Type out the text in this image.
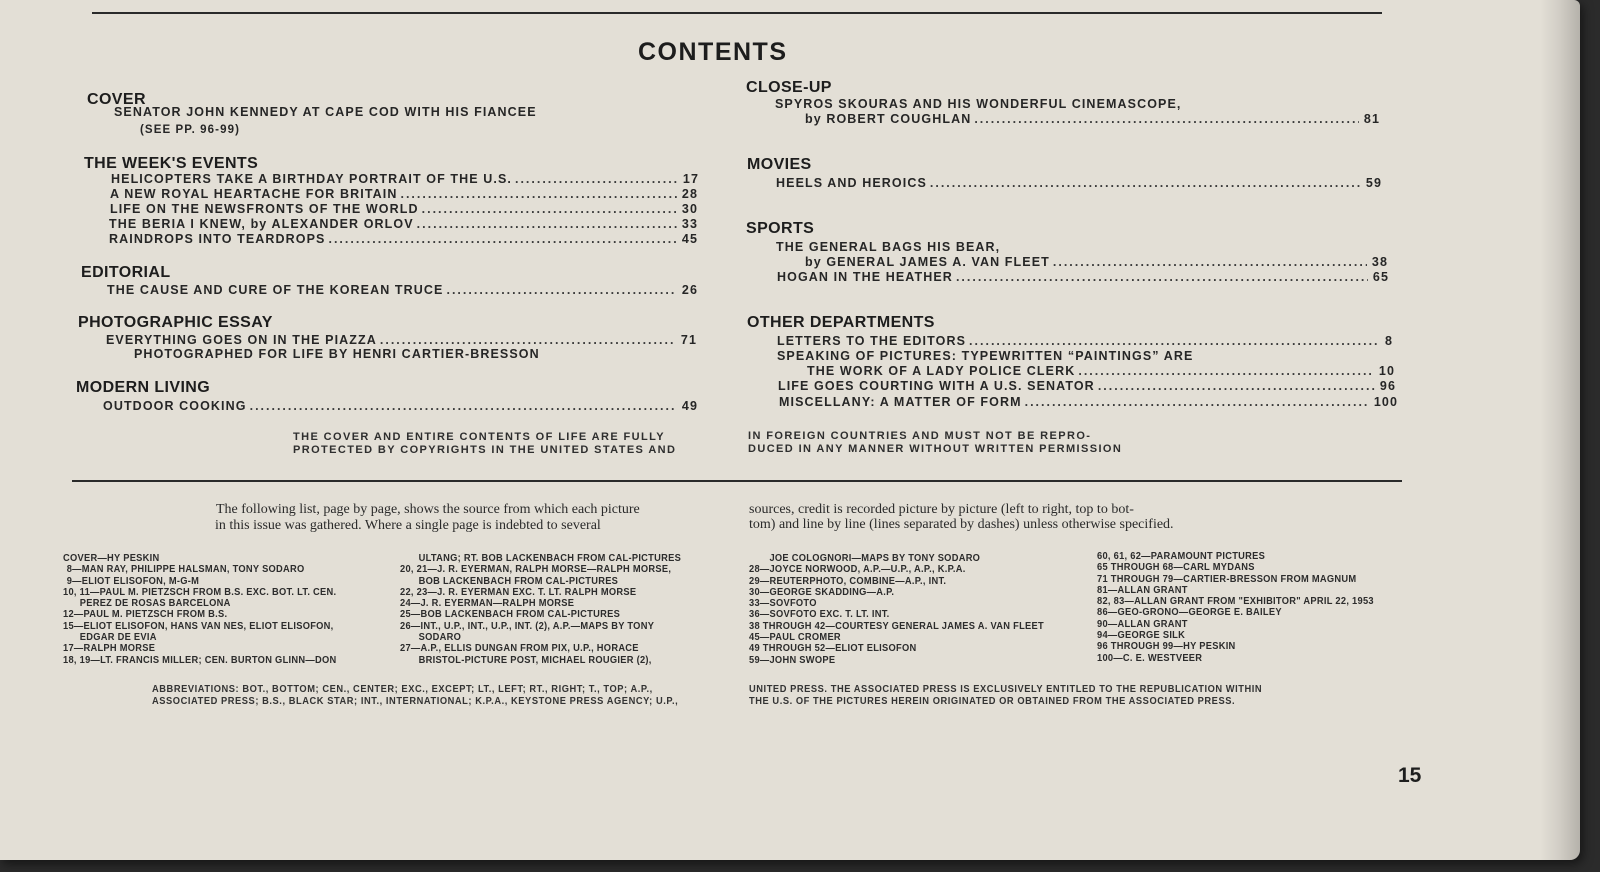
CONTENTS
COVER
SENATOR JOHN KENNEDY AT CAPE COD WITH HIS FIANCEE
(SEE PP. 96-99)
THE WEEK'S EVENTS
HELICOPTERS TAKE A BIRTHDAY PORTRAIT OF THE U.S. .....	17
A NEW ROYAL HEARTACHE FOR BRITAIN .....	28
LIFE ON THE NEWSFRONTS OF THE WORLD .....	30
THE BERIA I KNEW, by ALEXANDER ORLOV .....	33
RAINDROPS INTO TEARDROPS .....	45
EDITORIAL
THE CAUSE AND CURE OF THE KOREAN TRUCE .....	26
PHOTOGRAPHIC ESSAY
EVERYTHING GOES ON IN THE PIAZZA .....	71
PHOTOGRAPHED FOR LIFE BY HENRI CARTIER-BRESSON
MODERN LIVING
OUTDOOR COOKING .....	49
THE COVER AND ENTIRE CONTENTS OF LIFE ARE FULLY
PROTECTED BY COPYRIGHTS IN THE UNITED STATES AND
CLOSE-UP
SPYROS SKOURAS AND HIS WONDERFUL CINEMASCOPE,
by ROBERT COUGHLAN .....	81
MOVIES
HEELS AND HEROICS .....	59
SPORTS
THE GENERAL BAGS HIS BEAR,
by GENERAL JAMES A. VAN FLEET .....	38
HOGAN IN THE HEATHER .....	65
OTHER DEPARTMENTS
LETTERS TO THE EDITORS .....	8
SPEAKING OF PICTURES: TYPEWRITTEN “PAINTINGS” ARE
THE WORK OF A LADY POLICE CLERK .....	10
LIFE GOES COURTING WITH A U.S. SENATOR .....	96
MISCELLANY: A MATTER OF FORM .....	100
IN FOREIGN COUNTRIES AND MUST NOT BE REPRO-
DUCED IN ANY MANNER WITHOUT WRITTEN PERMISSION
The following list, page by page, shows the source from which each picture
in this issue was gathered. Where a single page is indebted to several
sources, credit is recorded picture by picture (left to right, top to bot-
tom) and line by line (lines separated by dashes) unless otherwise specified.
COVER—HY PESKIN
8—MAN RAY, PHILIPPE HALSMAN, TONY SODARO
9—ELIOT ELISOFON, M-G-M
10, 11—PAUL M. PIETZSCH FROM B.S. EXC. BOT. LT. CEN.
PEREZ DE ROSAS BARCELONA
12—PAUL M. PIETZSCH FROM B.S.
15—ELIOT ELISOFON, HANS VAN NES, ELIOT ELISOFON,
EDGAR DE EVIA
17—RALPH MORSE
18, 19—LT. FRANCIS MILLER; CEN. BURTON GLINN—DON
ULTANG; RT. BOB LACKENBACH FROM CAL-PICTURES
20, 21—J. R. EYERMAN, RALPH MORSE—RALPH MORSE,
BOB LACKENBACH FROM CAL-PICTURES
22, 23—J. R. EYERMAN EXC. T. LT. RALPH MORSE
24—J. R. EYERMAN—RALPH MORSE
25—BOB LACKENBACH FROM CAL-PICTURES
26—INT., U.P., INT., U.P., INT. (2), A.P.—MAPS BY TONY
SODARO
27—A.P., ELLIS DUNGAN FROM PIX, U.P., HORACE
BRISTOL-PICTURE POST, MICHAEL ROUGIER (2),
JOE COLOGNORI—MAPS BY TONY SODARO
28—JOYCE NORWOOD, A.P.—U.P., A.P., K.P.A.
29—REUTERPHOTO, COMBINE—A.P., INT.
30—GEORGE SKADDING—A.P.
33—SOVFOTO
36—SOVFOTO EXC. T. LT. INT.
38 THROUGH 42—COURTESY GENERAL JAMES A. VAN FLEET
45—PAUL CROMER
49 THROUGH 52—ELIOT ELISOFON
59—JOHN SWOPE
60, 61, 62—PARAMOUNT PICTURES
65 THROUGH 68—CARL MYDANS
71 THROUGH 79—CARTIER-BRESSON FROM MAGNUM
81—ALLAN GRANT
82, 83—ALLAN GRANT FROM "EXHIBITOR" APRIL 22, 1953
86—GEO-GRONO—GEORGE E. BAILEY
90—ALLAN GRANT
94—GEORGE SILK
96 THROUGH 99—HY PESKIN
100—C. E. WESTVEER
ABBREVIATIONS: BOT., BOTTOM; CEN., CENTER; EXC., EXCEPT; LT., LEFT; RT., RIGHT; T., TOP; A.P.,
ASSOCIATED PRESS; B.S., BLACK STAR; INT., INTERNATIONAL; K.P.A., KEYSTONE PRESS AGENCY; U.P.,
UNITED PRESS. THE ASSOCIATED PRESS IS EXCLUSIVELY ENTITLED TO THE REPUBLICATION WITHIN
THE U.S. OF THE PICTURES HEREIN ORIGINATED OR OBTAINED FROM THE ASSOCIATED PRESS.
15
